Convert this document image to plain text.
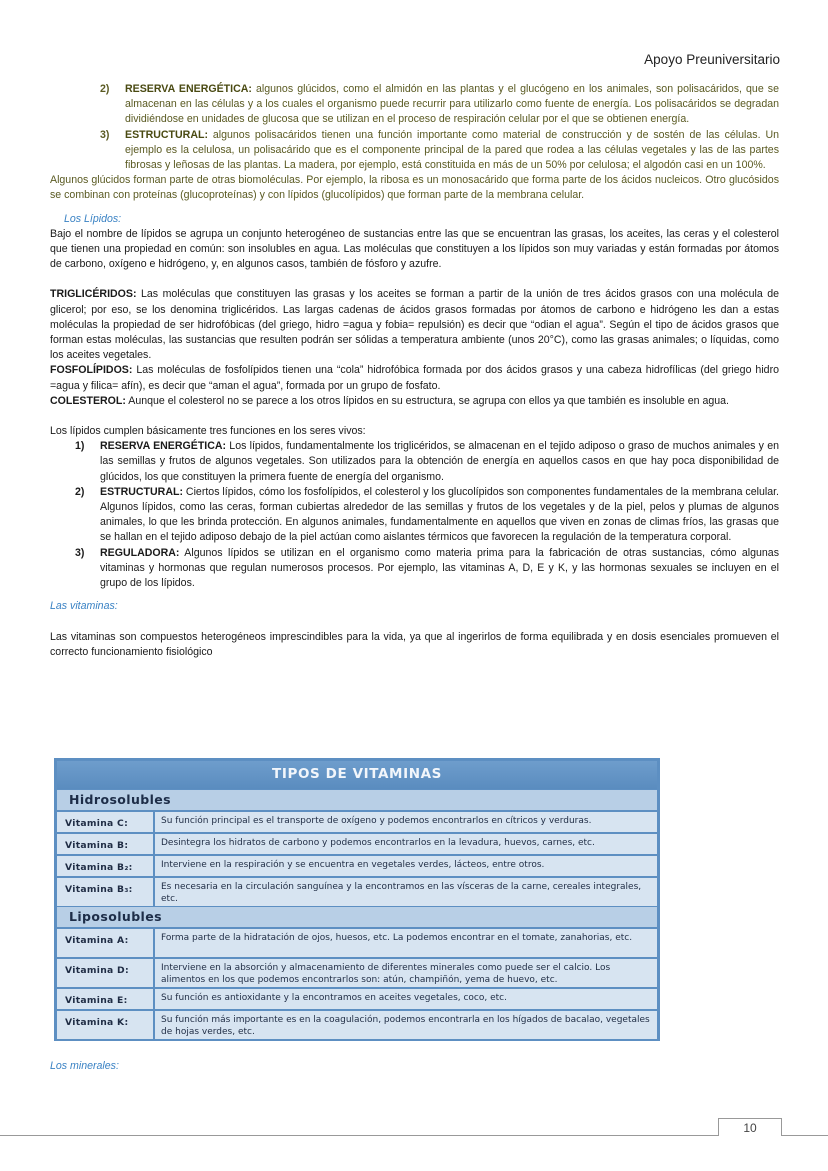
Apoyo Preuniversitario
2)	RESERVA ENERGÉTICA: algunos glúcidos, como el almidón en las plantas y el glucógeno en los animales, son polisacáridos, que se almacenan en las células y a los cuales el organismo puede recurrir para utilizarlo como fuente de energía. Los polisacáridos se degradan dividiéndose en unidades de glucosa que se utilizan en el proceso de respiración celular por el que se obtienen energía.
3)	ESTRUCTURAL: algunos polisacáridos tienen una función importante como material de construcción y de sostén de las células. Un ejemplo es la celulosa, un polisacárido que es el componente principal de la pared que rodea a las células vegetales y las de las partes fibrosas y leñosas de las plantas. La madera, por ejemplo, está constituida en más de un 50% por celulosa; el algodón casi en un 100%.

Algunos glúcidos forman parte de otras biomoléculas. Por ejemplo, la ribosa es un monosacárido que forma parte de los ácidos nucleicos. Otro glucósidos se combinan con proteínas (glucoproteínas) y con lípidos (glucolípidos) que forman parte de la membrana celular.

Los Lípidos:

Bajo el nombre de lípidos se agrupa un conjunto heterogéneo de sustancias entre las que se encuentran las grasas, los aceites, las ceras y el colesterol que tienen una propiedad en común: son insolubles en agua. Las moléculas que constituyen a los lípidos son muy variadas y están formadas por átomos de carbono, oxígeno e hidrógeno, y, en algunos casos, también de fósforo y azufre.

TRIGLICÉRIDOS: Las moléculas que constituyen las grasas y los aceites se forman a partir de la unión de tres ácidos grasos con una molécula de glicerol; por eso, se los denomina triglicéridos. Las largas cadenas de ácidos grasos formadas por átomos de carbono e hidrógeno les dan a estas moléculas la propiedad de ser hidrofóbicas (del griego, hidro =agua y fobia= repulsión) es decir que “odian el agua”. Según el tipo de ácidos grasos que forman estas moléculas, las sustancias que resulten podrán ser sólidas a temperatura ambiente (unos 20°C), como las grasas animales; o líquidas, como los aceites vegetales.

FOSFOLÍPIDOS: Las moléculas de fosfolípidos tienen una “cola” hidrofóbica formada por dos ácidos grasos y una cabeza hidrofílicas (del griego hidro =agua y filica= afín), es decir que “aman el agua”, formada por un grupo de fosfato.

COLESTEROL: Aunque el colesterol no se parece a los otros lípidos en su estructura, se agrupa con ellos ya que también es insoluble en agua.

Los lípidos cumplen básicamente tres funciones en los seres vivos:

1)	RESERVA ENERGÉTICA: Los lípidos, fundamentalmente los triglicéridos, se almacenan en el tejido adiposo o graso de muchos animales y en las semillas y frutos de algunos vegetales. Son utilizados para la obtención de energía en aquellos casos en que hay poca disponibilidad de glúcidos, los que constituyen la primera fuente de energía del organismo.
2)	ESTRUCTURAL: Ciertos lípidos, cómo los fosfolípidos, el colesterol y los glucolípidos son componentes fundamentales de la membrana celular. Algunos lípidos, como las ceras, forman cubiertas alrededor de las semillas y frutos de los vegetales y de la piel, pelos y plumas de algunos animales, lo que les brinda protección. En algunos animales, fundamentalmente en aquellos que viven en zonas de climas fríos, las grasas que se hallan en el tejido adiposo debajo de la piel actúan como aislantes térmicos que favorecen la regulación de la temperatura corporal.
3)	REGULADORA: Algunos lípidos se utilizan en el organismo como materia prima para la fabricación de otras sustancias, cómo algunas vitaminas y hormonas que regulan numerosos procesos. Por ejemplo, las vitaminas A, D, E y K, y las hormonas sexuales se incluyen en el grupo de los lípidos.

Las vitaminas:

Las vitaminas son compuestos heterogéneos imprescindibles para la vida, ya que al ingerirlos de forma equilibrada y en dosis esenciales promueven el correcto funcionamiento fisiológico

TIPOS DE VITAMINAS
Hidrosolubles
Vitamina C:	Su función principal es el transporte de oxígeno y podemos encontrarlos en cítricos y verduras.
Vitamina B:	Desintegra los hidratos de carbono y podemos encontrarlos en la levadura, huevos, carnes, etc.
Vitamina B₂:	Interviene en la respiración y se encuentra en vegetales verdes, lácteos, entre otros.
Vitamina B₃:	Es necesaria en la circulación sanguínea y la encontramos en las vísceras de la carne, cereales integrales, etc.
Liposolubles
Vitamina A:	Forma parte de la hidratación de ojos, huesos, etc. La podemos encontrar en el tomate, zanahorias, etc.
Vitamina D:	Interviene en la absorción y almacenamiento de diferentes minerales como puede ser el calcio. Los alimentos en los que podemos encontrarlos son: atún, champiñón, yema de huevo, etc.
Vitamina E:	Su función es antioxidante y la encontramos en aceites vegetales, coco, etc.
Vitamina K:	Su función más importante es en la coagulación, podemos encontrarla en los hígados de bacalao, vegetales de hojas verdes, etc.

Los minerales:

10
